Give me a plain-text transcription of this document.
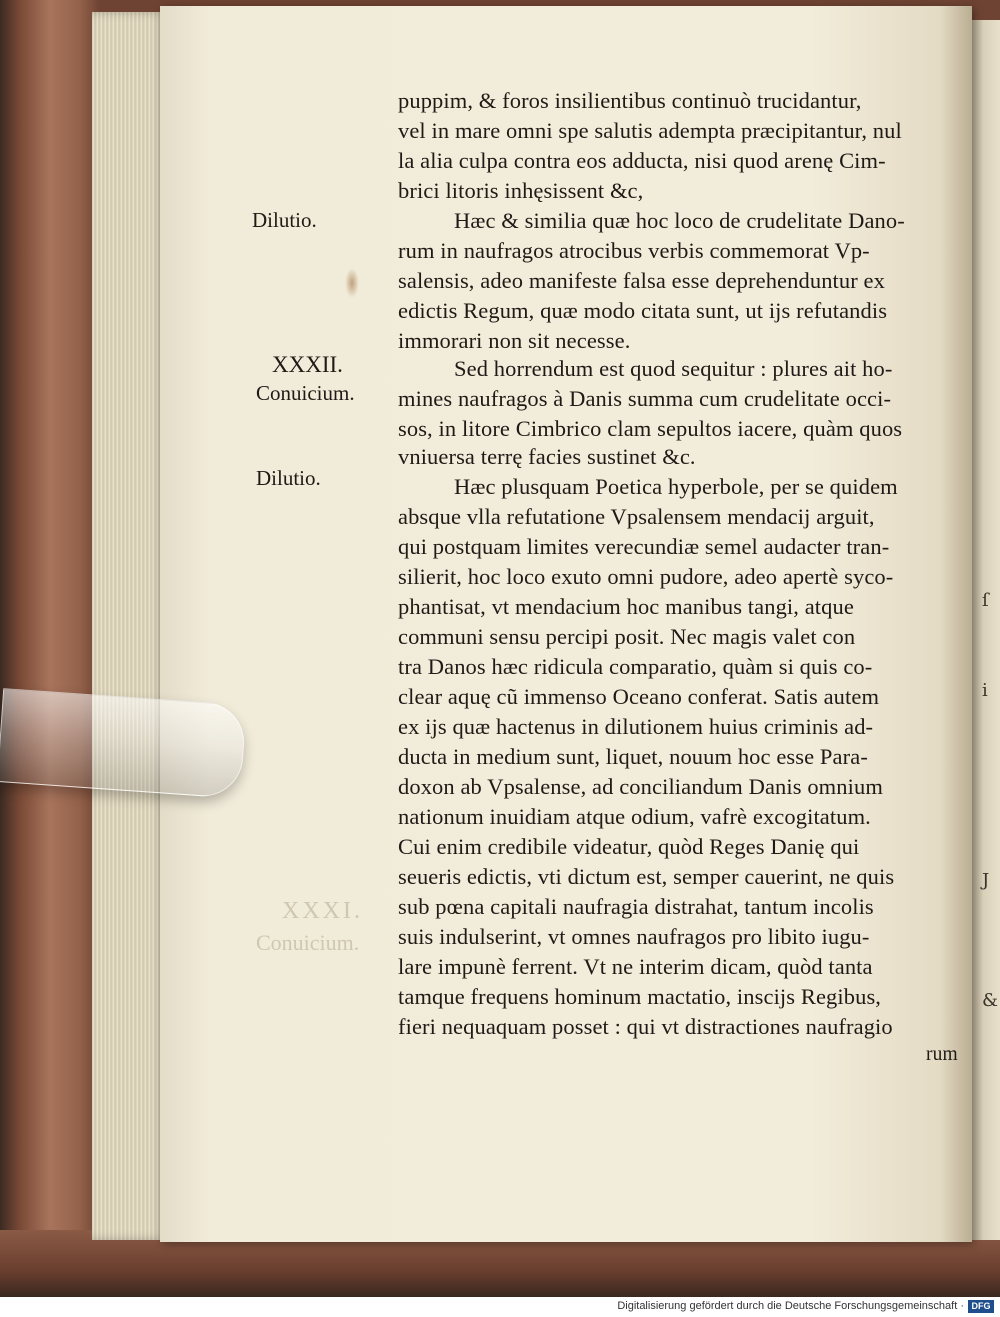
ſ
i
J
&
XXXI.
Conuicium.
Dilutio.
XXXII.
Conuicium.
Dilutio.
puppim, & foros insilientibus continuò trucidantur,
vel in mare omni spe salutis adempta præcipitantur, nul
la alia culpa contra eos adducta, nisi quod arenę Cim-
brici litoris inhęsissent &c,
Hæc & similia quæ hoc loco de crudelitate Dano-
rum in naufragos atrocibus verbis commemorat Vp-
salensis, adeo manifeste falsa esse deprehenduntur ex
edictis Regum, quæ modo citata sunt, ut ijs refutandis
immorari non sit necesse.
Sed horrendum est quod sequitur : plures ait ho-
mines naufragos à Danis summa cum crudelitate occi-
sos, in litore Cimbrico clam sepultos iacere, quàm quos
vniuersa terrę facies sustinet &c.
Hæc plusquam Poetica hyperbole, per se quidem
absque vlla refutatione Vpsalensem mendacij arguit,
qui postquam limites verecundiæ semel audacter tran-
silierit, hoc loco exuto omni pudore, adeo apertè syco-
phantisat, vt mendacium hoc manibus tangi, atque
communi sensu percipi posit. Nec magis valet con
tra Danos hæc ridicula comparatio, quàm si quis co-
clear aquę cũ immenso Oceano conferat. Satis autem
ex ijs quæ hactenus in dilutionem huius criminis ad-
ducta in medium sunt, liquet, nouum hoc esse Para-
doxon ab Vpsalense, ad conciliandum Danis omnium
nationum inuidiam atque odium, vafrè excogitatum.
Cui enim credibile videatur, quòd Reges Danię qui
seueris edictis, vti dictum est, semper cauerint, ne quis
sub pœna capitali naufragia distrahat, tantum incolis
suis indulserint, vt omnes naufragos pro libito iugu-
lare impunè ferrent. Vt ne interim dicam, quòd tanta
tamque frequens hominum mactatio, inscijs Regibus,
fieri nequaquam posset : qui vt distractiones naufragio
rum
Digitalisierung gefördert durch die Deutsche Forschungsgemeinschaft · DFG
